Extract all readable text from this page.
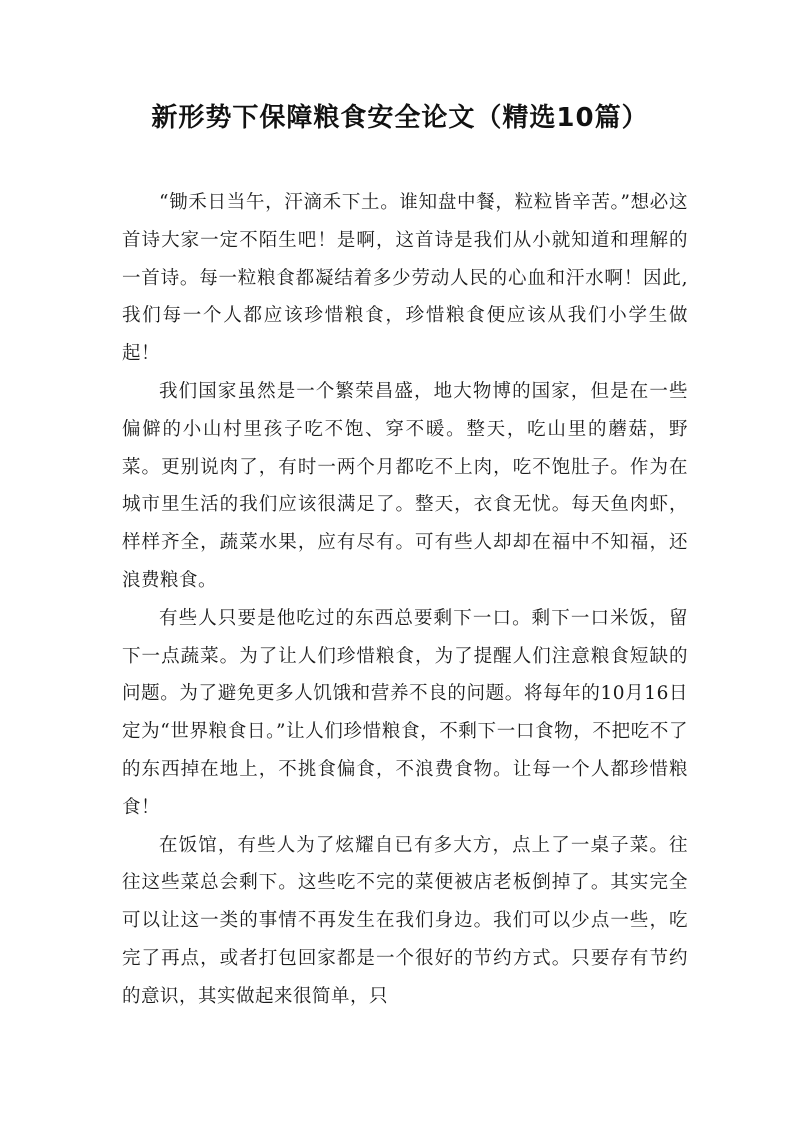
新形势下保障粮食安全论文（精选10篇）

“锄禾日当午，汗滴禾下土。谁知盘中餐，粒粒皆辛苦。”想必这首诗大家一定不陌生吧！是啊，这首诗是我们从小就知道和理解的一首诗。每一粒粮食都凝结着多少劳动人民的心血和汗水啊！因此,我们每一个人都应该珍惜粮食，珍惜粮食便应该从我们小学生做起！

我们国家虽然是一个繁荣昌盛，地大物博的国家，但是在一些偏僻的小山村里孩子吃不饱、穿不暖。整天，吃山里的蘑菇，野菜。更别说肉了，有时一两个月都吃不上肉，吃不饱肚子。作为在城市里生活的我们应该很满足了。整天，衣食无忧。每天鱼肉虾，样样齐全，蔬菜水果，应有尽有。可有些人却却在福中不知福，还浪费粮食。

有些人只要是他吃过的东西总要剩下一口。剩下一口米饭，留下一点蔬菜。为了让人们珍惜粮食，为了提醒人们注意粮食短缺的问题。为了避免更多人饥饿和营养不良的问题。将每年的10月16日定为“世界粮食日。”让人们珍惜粮食，不剩下一口食物，不把吃不了的东西掉在地上，不挑食偏食，不浪费食物。让每一个人都珍惜粮食！

在饭馆，有些人为了炫耀自已有多大方，点上了一桌子菜。往往这些菜总会剩下。这些吃不完的菜便被店老板倒掉了。其实完全可以让这一类的事情不再发生在我们身边。我们可以少点一些，吃完了再点，或者打包回家都是一个很好的节约方式。只要存有节约的意识，其实做起来很简单，只
